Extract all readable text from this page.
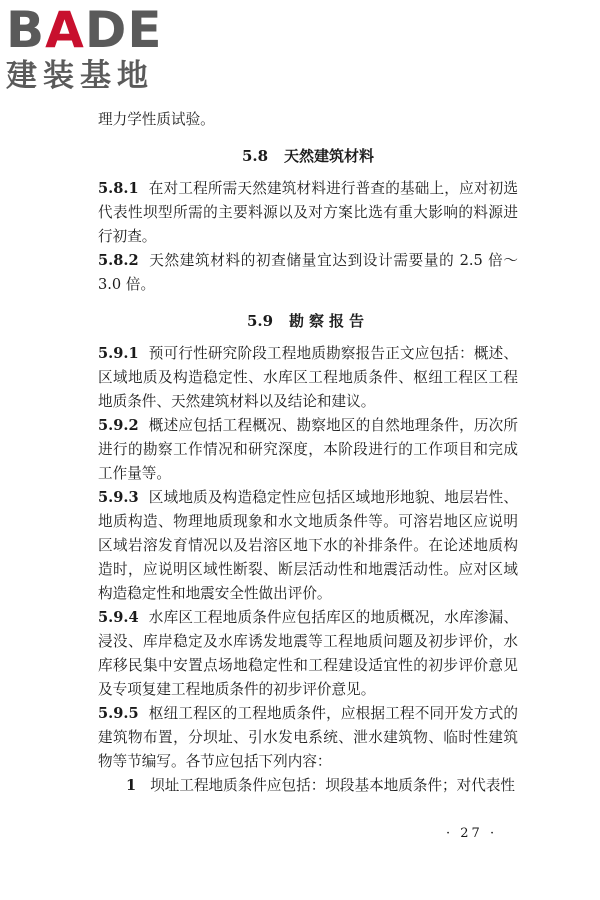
BADE
建装基地

理力学性质试验。

5.8 天然建筑材料

5.8.1 在对工程所需天然建筑材料进行普查的基础上，应对初选代表性坝型所需的主要料源以及对方案比选有重大影响的料源进行初查。

5.8.2 天然建筑材料的初查储量宜达到设计需要量的 2.5 倍～3.0 倍。

5.9 勘察报告

5.9.1 预可行性研究阶段工程地质勘察报告正文应包括：概述、区域地质及构造稳定性、水库区工程地质条件、枢纽工程区工程地质条件、天然建筑材料以及结论和建议。

5.9.2 概述应包括工程概况、勘察地区的自然地理条件，历次所进行的勘察工作情况和研究深度，本阶段进行的工作项目和完成工作量等。

5.9.3 区域地质及构造稳定性应包括区域地形地貌、地层岩性、地质构造、物理地质现象和水文地质条件等。可溶岩地区应说明区域岩溶发育情况以及岩溶区地下水的补排条件。在论述地质构造时，应说明区域性断裂、断层活动性和地震活动性。应对区域构造稳定性和地震安全性做出评价。

5.9.4 水库区工程地质条件应包括库区的地质概况，水库渗漏、浸没、库岸稳定及水库诱发地震等工程地质问题及初步评价，水库移民集中安置点场地稳定性和工程建设适宜性的初步评价意见及专项复建工程地质条件的初步评价意见。

5.9.5 枢纽工程区的工程地质条件，应根据工程不同开发方式的建筑物布置，分坝址、引水发电系统、泄水建筑物、临时性建筑物等节编写。各节应包括下列内容：

1 坝址工程地质条件应包括：坝段基本地质条件；对代表性

· 27 ·
